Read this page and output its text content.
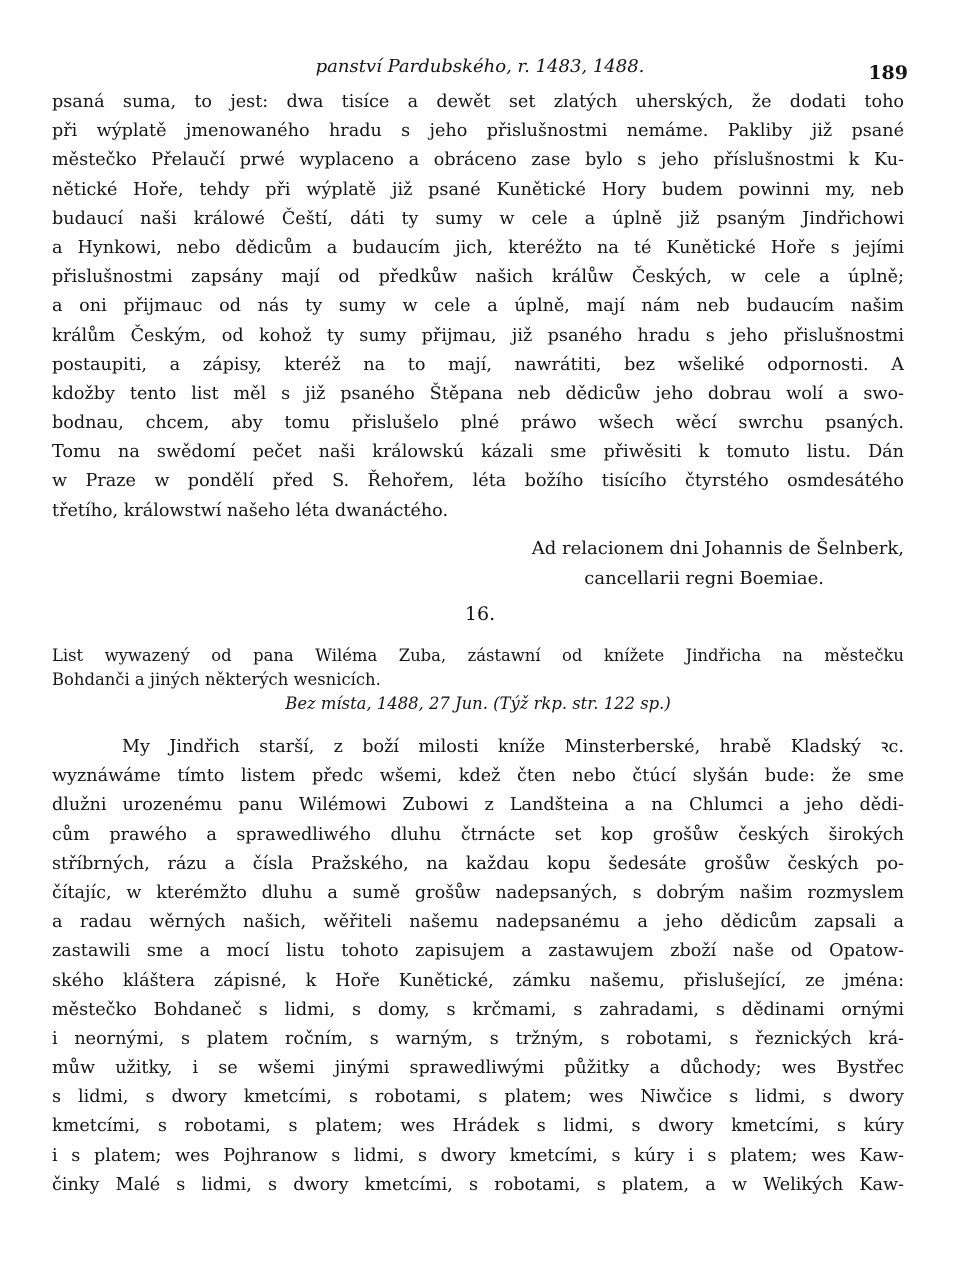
panství Pardubského, r. 1483, 1488.	189
psaná suma, to jest: dwa tisíce a dewět set zlatých uherských, že dodati toho
při wýplatě jmenowaného hradu s jeho přislušnostmi nemáme. Pakliby již psané
městečko Přelaučí prwé wyplaceno a obráceno zase bylo s jeho příslušnostmi k Ku-
nětické Hoře, tehdy při wýplatě již psané Kunětické Hory budem powinni my, neb
budaucí naši králowé Čeští, dáti ty sumy w cele a úplně již psaným Jindřichowi
a Hynkowi, nebo dědicům a budaucím jich, kteréžto na té Kunětické Hoře s jejími
přislušnostmi zapsány mají od předkůw našich králůw Českých, w cele a úplně;
a oni přijmauc od nás ty sumy w cele a úplně, mají nám neb budaucím našim
králům Českým, od kohož ty sumy přijmau, již psaného hradu s jeho přislušnostmi
postaupiti, a zápisy, kteréž na to mají, nawrátiti, bez wšeliké odpornosti. A
kdožby tento list měl s již psaného Štěpana neb dědicůw jeho dobrau wolí a swo-
bodnau, chcem, aby tomu přislušelo plné práwo wšech wěcí swrchu psaných.
Tomu na swědomí pečet naši králowskú kázali sme přiwěsiti k tomuto listu. Dán
w Praze w pondělí před S. Řehořem, léta božího tisícího čtyrstého osmdesátého
třetího, králowstwí našeho léta dwanáctého.
Ad relacionem dni Johannis de Šelnberk,
cancellarii regni Boemiae.
16.
List wywazený od pana Wiléma Zuba, zástawní od knížete Jindřicha na městečku
Bohdanči a jiných některých wesnicích.
Bez místa, 1488, 27 Jun. (Týž rkp. str. 122 sp.)
My Jindřich starší, z boží milosti kníže Minsterberské, hrabě Kladský ꝛc.
wyznáwáme tímto listem předc wšemi, kdež čten nebo čtúcí slyšán bude: že sme
dlužni urozenému panu Wilémowi Zubowi z Landšteina a na Chlumci a jeho dědi-
cům prawého a sprawedliwého dluhu čtrnácte set kop grošůw českých širokých
stříbrných, rázu a čísla Pražského, na každau kopu šedesáte grošůw českých po-
čítajíc, w kterémžto dluhu a sumě grošůw nadepsaných, s dobrým našim rozmyslem
a radau wěrných našich, wěřiteli našemu nadepsanému a jeho dědicům zapsali a
zastawili sme a mocí listu tohoto zapisujem a zastawujem zboží naše od Opatow-
ského kláštera zápisné, k Hoře Kunětické, zámku našemu, přislušející, ze jména:
městečko Bohdaneč s lidmi, s domy, s krčmami, s zahradami, s dědinami ornými
i neornými, s platem ročním, s warným, s tržným, s robotami, s řeznických krá-
můw užitky, i se wšemi jinými sprawedliwými půžitky a důchody; wes Bystřec
s lidmi, s dwory kmetcími, s robotami, s platem; wes Niwčice s lidmi, s dwory
kmetcími, s robotami, s platem; wes Hrádek s lidmi, s dwory kmetcími, s kúry
i s platem; wes Pojhranow s lidmi, s dwory kmetcími, s kúry i s platem; wes Kaw-
činky Malé s lidmi, s dwory kmetcími, s robotami, s platem, a w Welikých Kaw-
